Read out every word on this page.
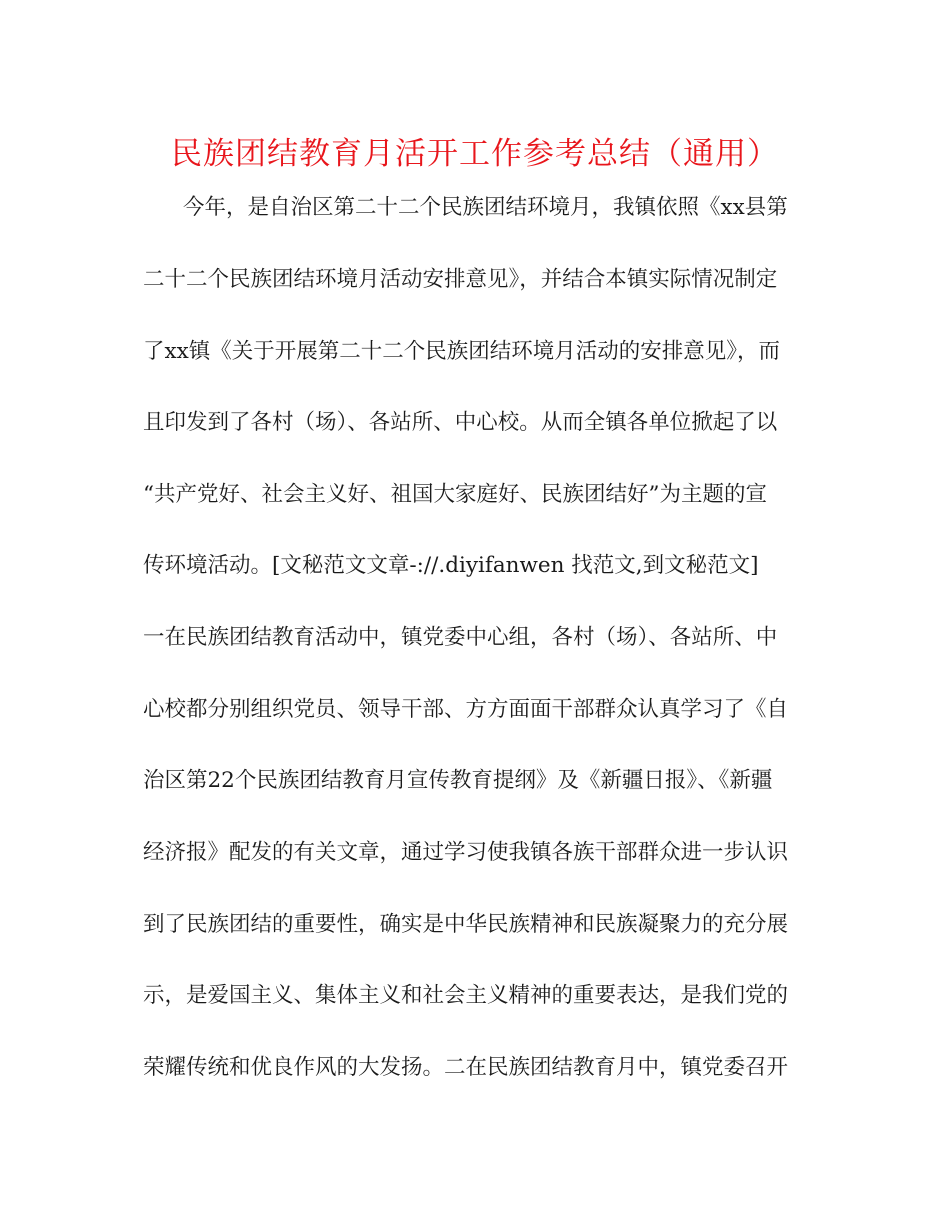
民族团结教育月活开工作参考总结（通用）

今年，是自治区第二十二个民族团结环境月，我镇依照《xx县第

二十二个民族团结环境月活动安排意见》，并结合本镇实际情况制定

了xx镇《关于开展第二十二个民族团结环境月活动的安排意见》，而

且印发到了各村（场）、各站所、中心校。从而全镇各单位掀起了以

“共产党好、社会主义好、祖国大家庭好、民族团结好”为主题的宣

传环境活动。[文秘范文文章-://.diyifanwen 找范文,到文秘范文]

一在民族团结教育活动中，镇党委中心组，各村（场）、各站所、中

心校都分别组织党员、领导干部、方方面面干部群众认真学习了《自

治区第22个民族团结教育月宣传教育提纲》及《新疆日报》、《新疆

经济报》配发的有关文章，通过学习使我镇各族干部群众进一步认识

到了民族团结的重要性，确实是中华民族精神和民族凝聚力的充分展

示，是爱国主义、集体主义和社会主义精神的重要表达，是我们党的

荣耀传统和优良作风的大发扬。二在民族团结教育月中，镇党委召开
